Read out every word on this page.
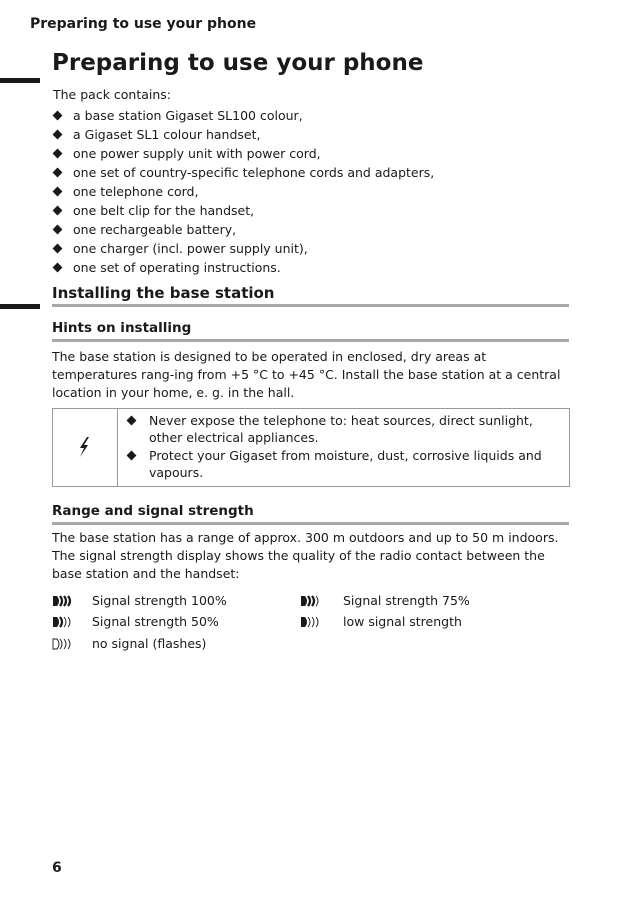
Preparing to use your phone
Preparing to use your phone
The pack contains:
a base station Gigaset SL100 colour,
a Gigaset SL1 colour handset,
one power supply unit with power cord,
one set of country-specific telephone cords and adapters,
one telephone cord,
one belt clip for the handset,
one rechargeable battery,
one charger (incl. power supply unit),
one set of operating instructions.
Installing the base station
Hints on installing

The base station is designed to be operated in enclosed, dry areas at temperatures rang-ing from +5 °C to +45 °C. Install the base station at a central location in your home, e. g. in the hall.

Never expose the telephone to: heat sources, direct sunlight, other electrical appliances.
Protect your Gigaset from moisture, dust, corrosive liquids and vapours.
Range and signal strength

The base station has a range of approx. 300 m outdoors and up to 50 m indoors. The signal strength display shows the quality of the radio contact between the base station and the handset:

Signal strength 100%	Signal strength 75%
Signal strength 50%	low signal strength
no signal (flashes)
6
